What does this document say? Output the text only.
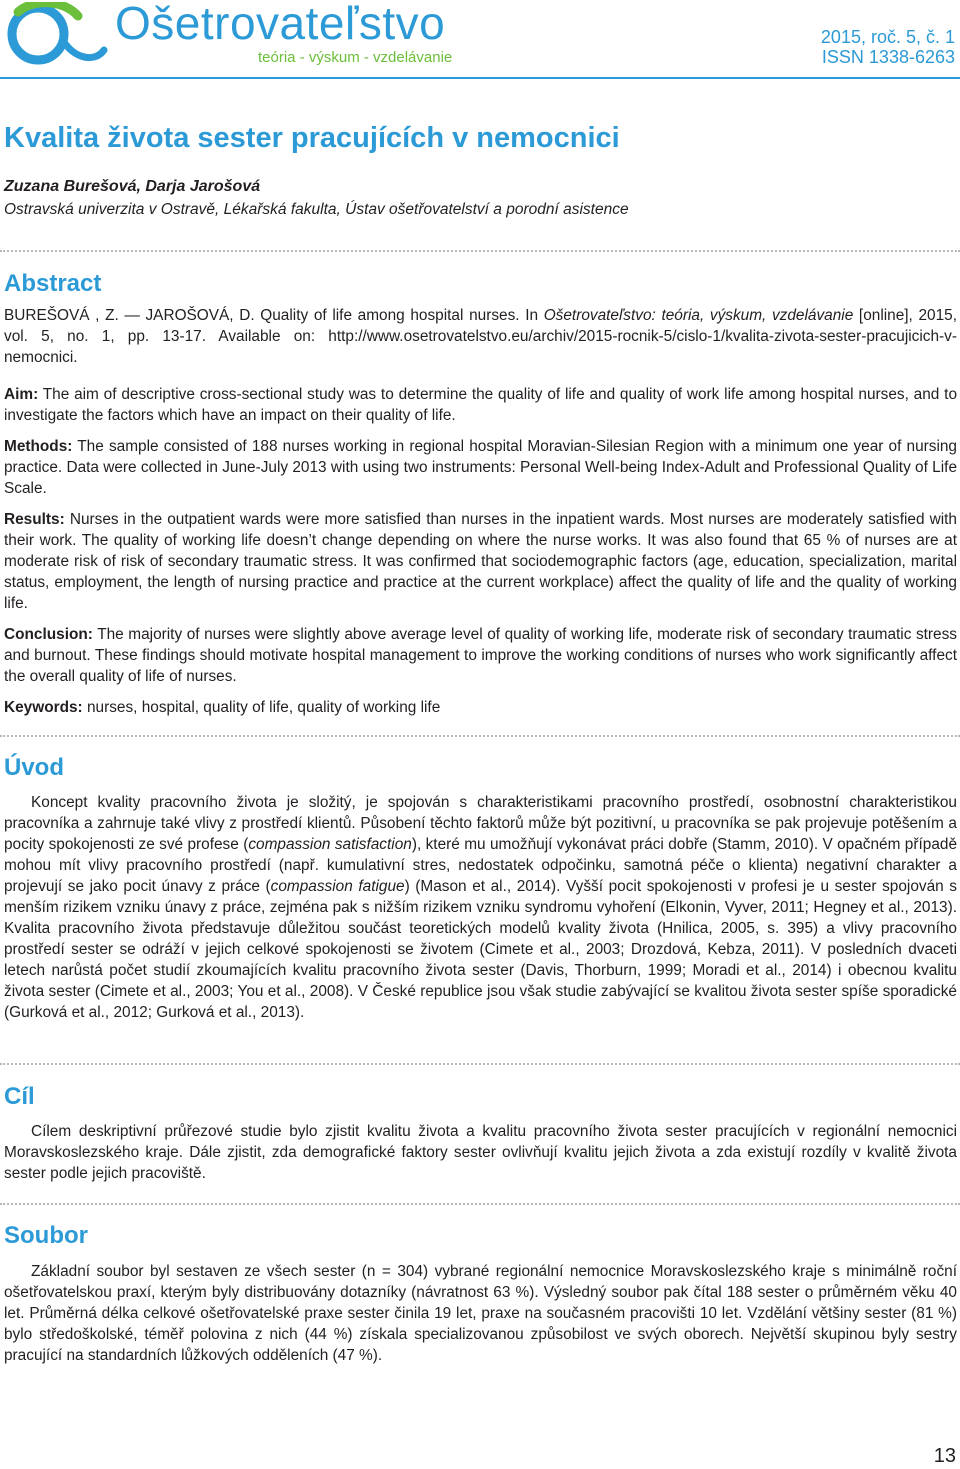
Ošetrovateľstvo
teória - výskum - vzdelávanie
2015, roč. 5, č. 1
ISSN 1338-6263
Kvalita života sester pracujících v nemocnici
Zuzana Burešová, Darja Jarošová
Ostravská univerzita v Ostravě, Lékařská fakulta, Ústav ošetřovatelství a porodní asistence
Abstract

BUREŠOVÁ , Z. — JAROŠOVÁ, D. Quality of life among hospital nurses. In Ošetrovateľstvo: teória, výskum, vzdelávanie [online], 2015, vol. 5, no. 1, pp. 13-17. Available on: http://www.osetrovatelstvo.eu/archiv/2015-rocnik-5/cislo-1/kvalita-zivota-sester-pracujicich-v-nemocnici.

Aim: The aim of descriptive cross-sectional study was to determine the quality of life and quality of work life among hospital nurses, and to investigate the factors which have an impact on their quality of life.

Methods: The sample consisted of 188 nurses working in regional hospital Moravian-Silesian Region with a minimum one year of nursing practice. Data were collected in June-July 2013 with using two instruments: Personal Well-being Index-Adult and Professional Quality of Life Scale.

Results: Nurses in the outpatient wards were more satisfied than nurses in the inpatient wards. Most nurses are moderately satisfied with their work. The quality of working life doesn’t change depending on where the nurse works. It was also found that 65 % of nurses are at moderate risk of risk of secondary traumatic stress. It was confirmed that sociodemographic factors (age, education, specialization, marital status, employment, the length of nursing practice and practice at the current workplace) affect the quality of life and the quality of working life.

Conclusion: The majority of nurses were slightly above average level of quality of working life, moderate risk of secondary traumatic stress and burnout. These findings should motivate hospital management to improve the working conditions of nurses who work significantly affect the overall quality of life of nurses.

Keywords: nurses, hospital, quality of life, quality of working life

Úvod

Koncept kvality pracovního života je složitý, je spojován s charakteristikami pracovního prostředí, osobnostní charakteristikou pracovníka a zahrnuje také vlivy z prostředí klientů. Působení těchto faktorů může být pozitivní, u pracovníka se pak projevuje potěšením a pocity spokojenosti ze své profese (compassion satisfaction), které mu umožňují vykonávat práci dobře (Stamm, 2010). V opačném případě mohou mít vlivy pracovního prostředí (např. kumulativní stres, nedostatek odpočinku, samotná péče o klienta) negativní charakter a projevují se jako pocit únavy z práce (compassion fatigue) (Mason et al., 2014). Vyšší pocit spokojenosti v profesi je u sester spojován s menším rizikem vzniku únavy z práce, zejména pak s nižším rizikem vzniku syndromu vyhoření (Elkonin, Vyver, 2011; Hegney et al., 2013). Kvalita pracovního života představuje důležitou součást teoretických modelů kvality života (Hnilica, 2005, s. 395) a vlivy pracovního prostředí sester se odráží v jejich celkové spokojenosti se životem (Cimete et al., 2003; Drozdová, Kebza, 2011). V posledních dvaceti letech narůstá počet studií zkoumajících kvalitu pracovního života sester (Davis, Thorburn, 1999; Moradi et al., 2014) i obecnou kvalitu života sester (Cimete et al., 2003; You et al., 2008). V České republice jsou však studie zabývající se kvalitou života sester spíše sporadické (Gurková et al., 2012; Gurková et al., 2013).

Cíl

Cílem deskriptivní průřezové studie bylo zjistit kvalitu života a kvalitu pracovního života sester pracujících v regionální nemocnici Moravskoslezského kraje. Dále zjistit, zda demografické faktory sester ovlivňují kvalitu jejich života a zda existují rozdíly v kvalitě života sester podle jejich pracoviště.

Soubor

Základní soubor byl sestaven ze všech sester (n = 304) vybrané regionální nemocnice Moravskoslezského kraje s minimálně roční ošetřovatelskou praxí, kterým byly distribuovány dotazníky (návratnost 63 %). Výsledný soubor pak čítal 188 sester o průměrném věku 40 let. Průměrná délka celkové ošetřovatelské praxe sester činila 19 let, praxe na současném pracovišti 10 let. Vzdělání většiny sester (81 %) bylo středoškolské, téměř polovina z nich (44 %) získala specializovanou způsobilost ve svých oborech. Největší skupinou byly sestry pracující na standardních lůžkových odděleních (47 %).

13
